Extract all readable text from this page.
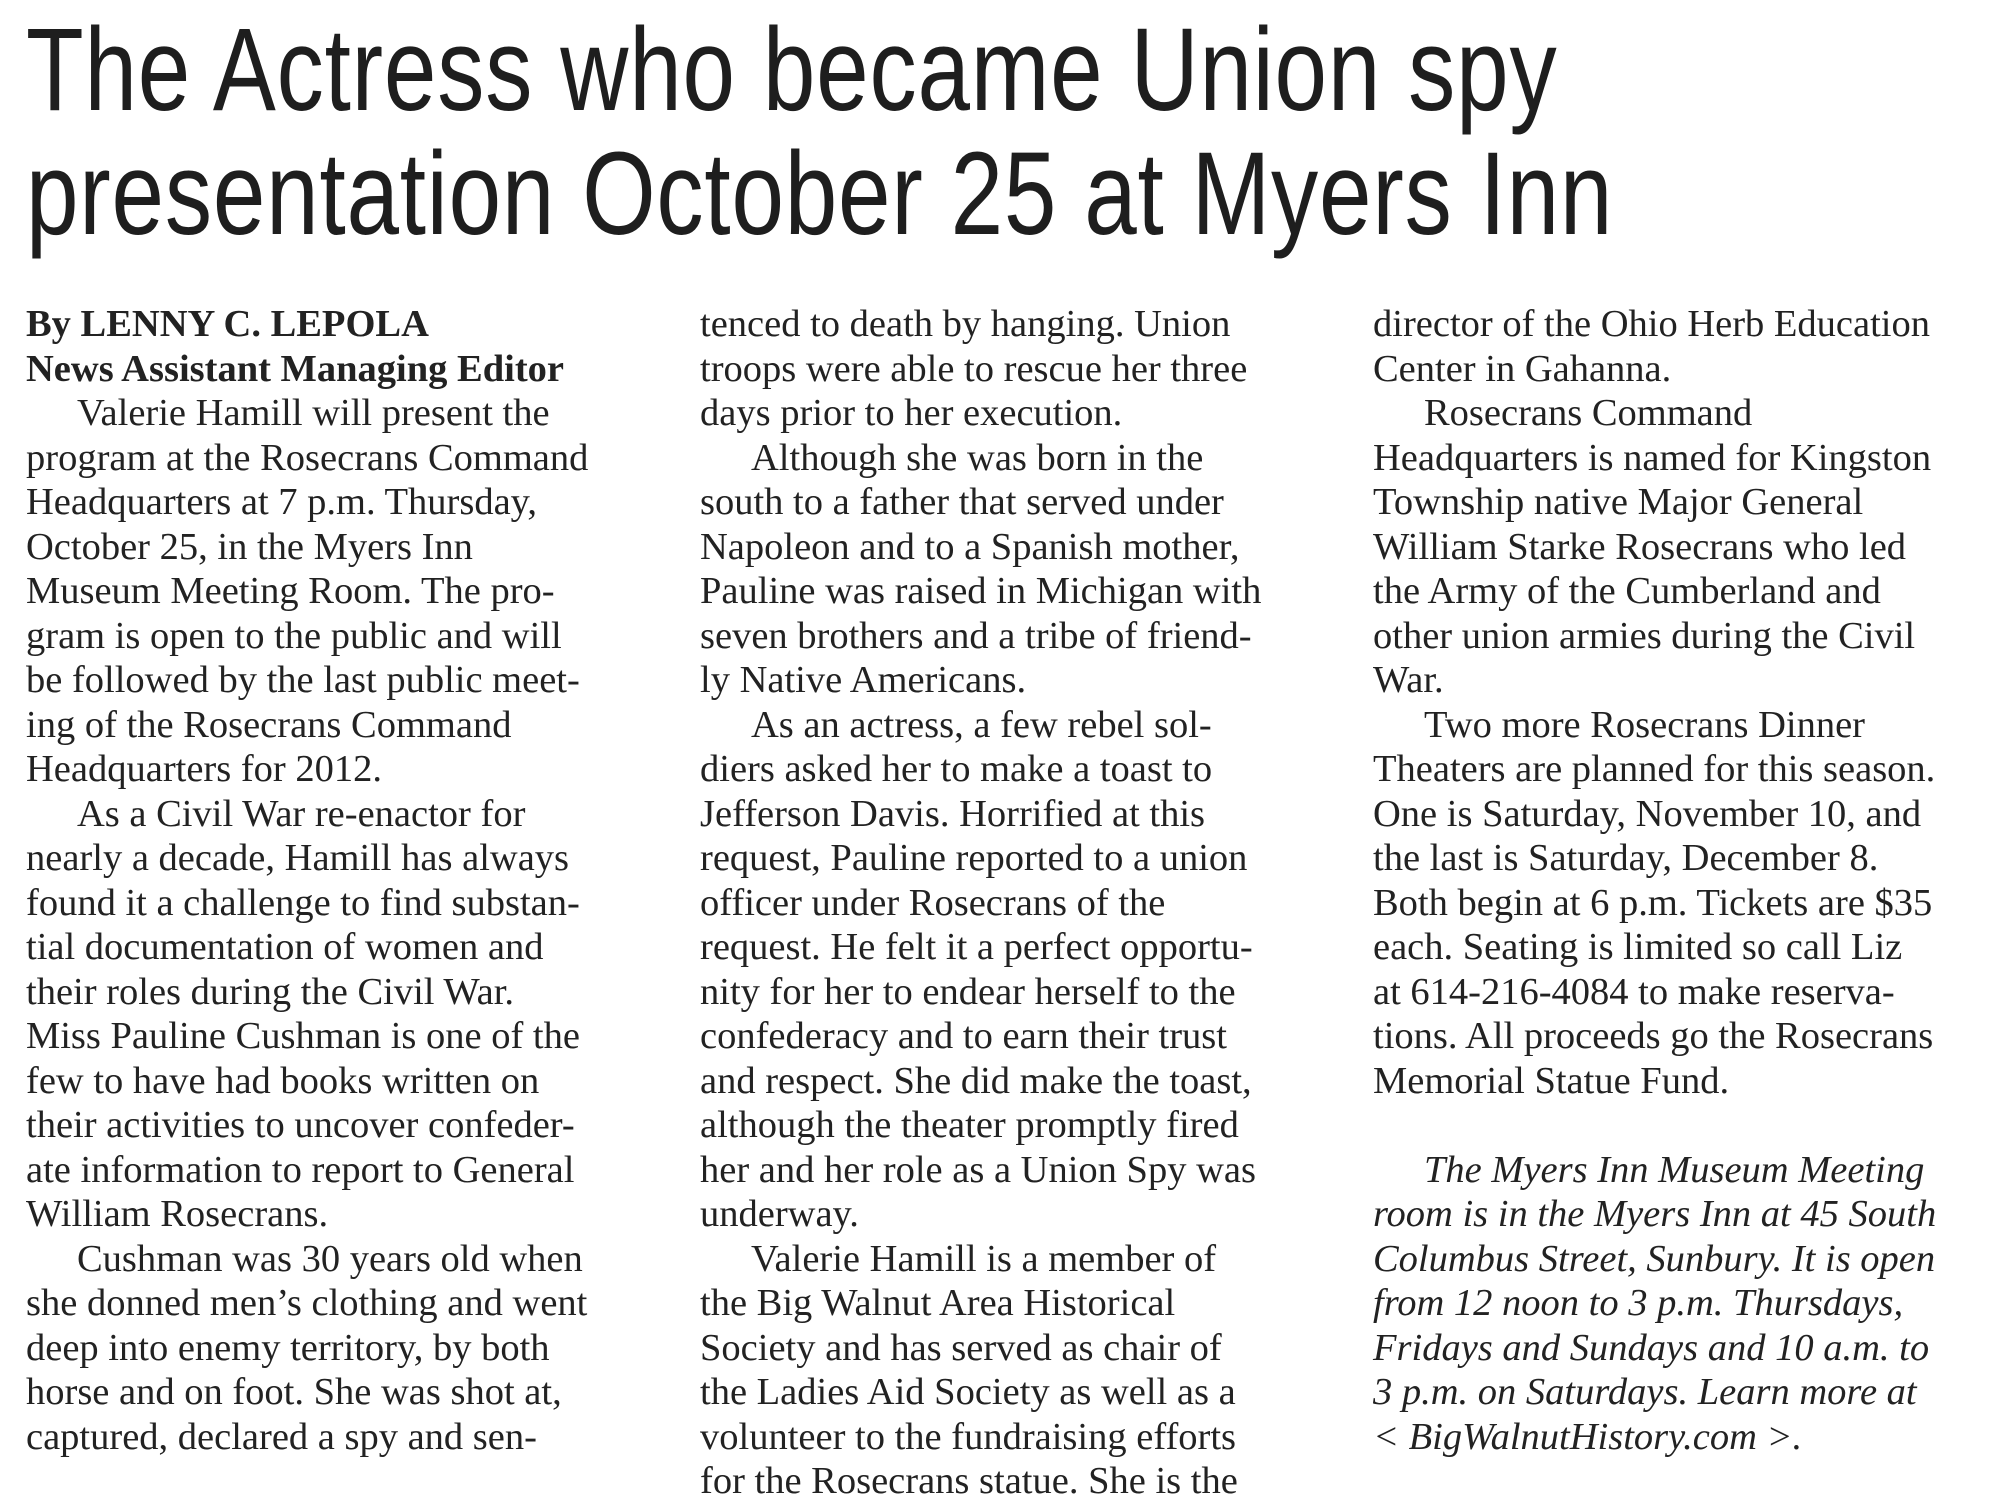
The Actress who became Union spy
presentation October 25 at Myers Inn
By LENNY C. LEPOLA
News Assistant Managing Editor
Valerie Hamill will present the
program at the Rosecrans Command
Headquarters at 7 p.m. Thursday,
October 25, in the Myers Inn
Museum Meeting Room. The pro-
gram is open to the public and will
be followed by the last public meet-
ing of the Rosecrans Command
Headquarters for 2012.
As a Civil War re-enactor for
nearly a decade, Hamill has always
found it a challenge to find substan-
tial documentation of women and
their roles during the Civil War.
Miss Pauline Cushman is one of the
few to have had books written on
their activities to uncover confeder-
ate information to report to General
William Rosecrans.
Cushman was 30 years old when
she donned men’s clothing and went
deep into enemy territory, by both
horse and on foot. She was shot at,
captured, declared a spy and sen-
tenced to death by hanging. Union
troops were able to rescue her three
days prior to her execution.
Although she was born in the
south to a father that served under
Napoleon and to a Spanish mother,
Pauline was raised in Michigan with
seven brothers and a tribe of friend-
ly Native Americans.
As an actress, a few rebel sol-
diers asked her to make a toast to
Jefferson Davis. Horrified at this
request, Pauline reported to a union
officer under Rosecrans of the
request. He felt it a perfect opportu-
nity for her to endear herself to the
confederacy and to earn their trust
and respect. She did make the toast,
although the theater promptly fired
her and her role as a Union Spy was
underway.
Valerie Hamill is a member of
the Big Walnut Area Historical
Society and has served as chair of
the Ladies Aid Society as well as a
volunteer to the fundraising efforts
for the Rosecrans statue. She is the
director of the Ohio Herb Education
Center in Gahanna.
Rosecrans Command
Headquarters is named for Kingston
Township native Major General
William Starke Rosecrans who led
the Army of the Cumberland and
other union armies during the Civil
War.
Two more Rosecrans Dinner
Theaters are planned for this season.
One is Saturday, November 10, and
the last is Saturday, December 8.
Both begin at 6 p.m. Tickets are $35
each. Seating is limited so call Liz
at 614-216-4084 to make reserva-
tions. All proceeds go the Rosecrans
Memorial Statue Fund.
The Myers Inn Museum Meeting
room is in the Myers Inn at 45 South
Columbus Street, Sunbury. It is open
from 12 noon to 3 p.m. Thursdays,
Fridays and Sundays and 10 a.m. to
3 p.m. on Saturdays. Learn more at
< BigWalnutHistory.com >.
